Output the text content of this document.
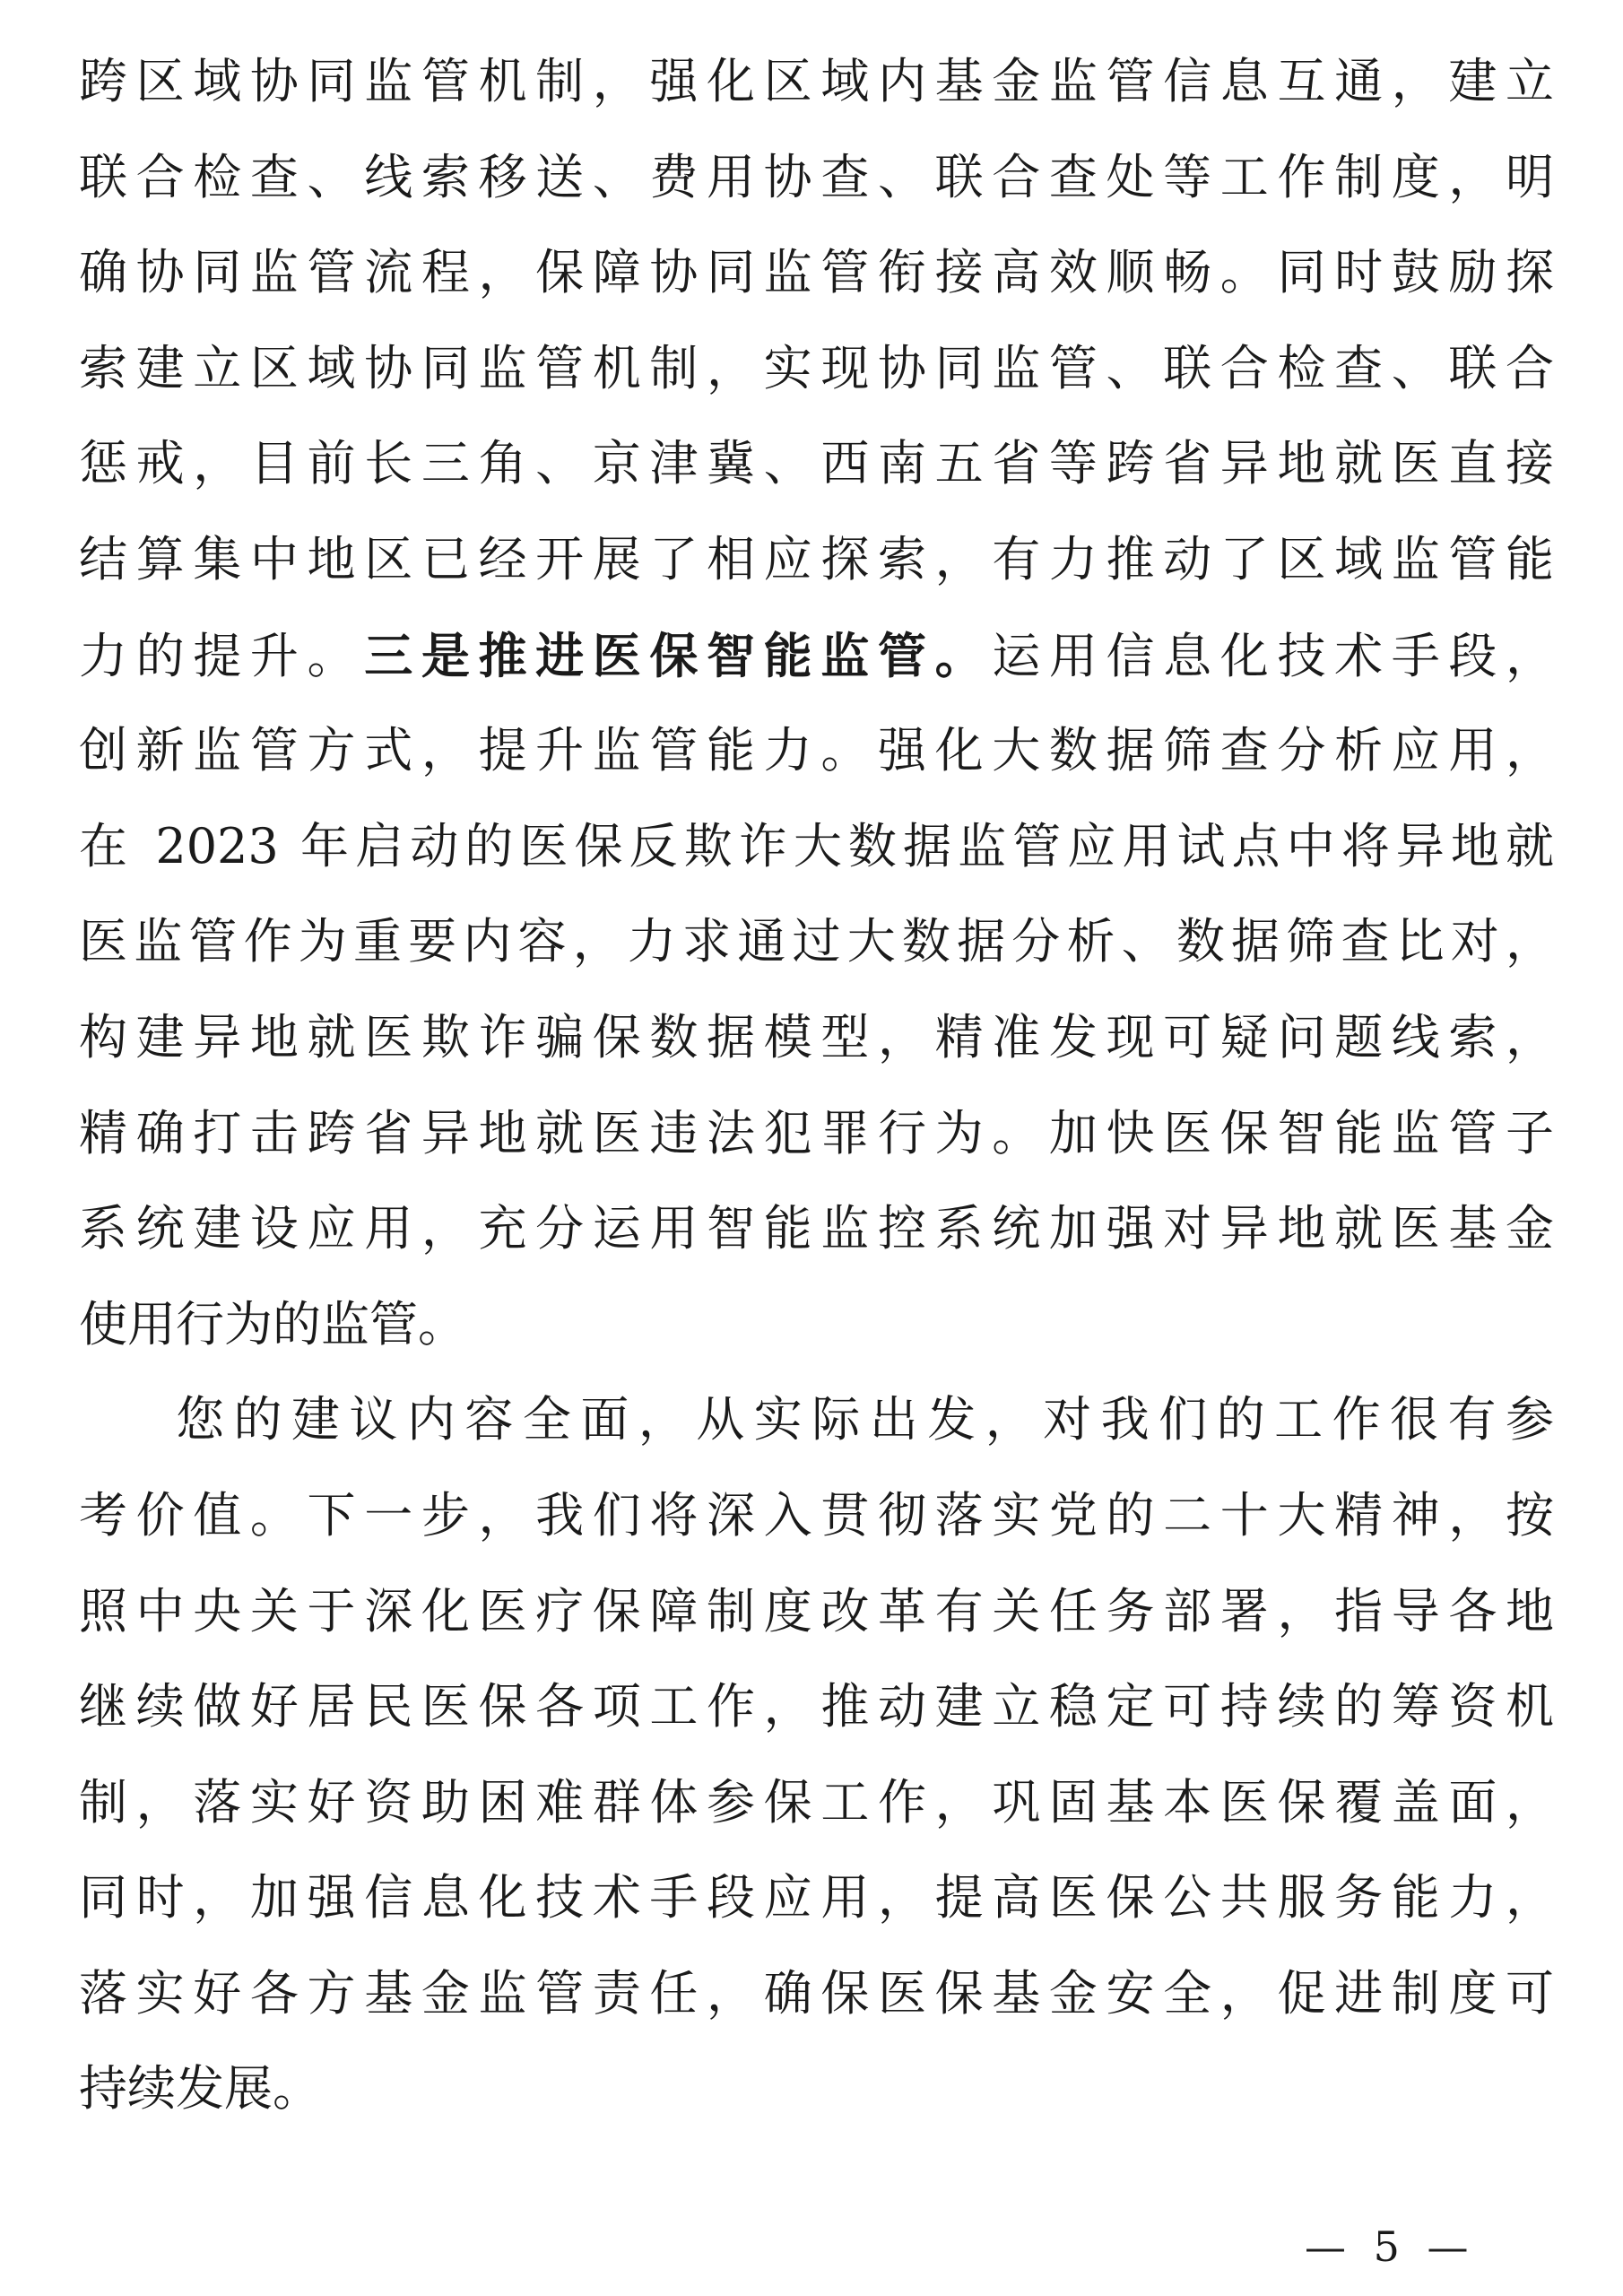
跨区域协同监管机制，强化区域内基金监管信息互通，建立
联合检查、线索移送、费用协查、联合查处等工作制度，明
确协同监管流程，保障协同监管衔接高效顺畅。同时鼓励探
索建立区域协同监管机制，实现协同监管、联合检查、联合
惩戒，目前长三角、京津冀、西南五省等跨省异地就医直接
结算集中地区已经开展了相应探索，有力推动了区域监管能
力的提升。三是推进医保智能监管。运用信息化技术手段，
创新监管方式，提升监管能力。强化大数据筛查分析应用，
在 2023 年启动的医保反欺诈大数据监管应用试点中将异地就
医监管作为重要内容，力求通过大数据分析、数据筛查比对，
构建异地就医欺诈骗保数据模型，精准发现可疑问题线索，
精确打击跨省异地就医违法犯罪行为。加快医保智能监管子
系统建设应用，充分运用智能监控系统加强对异地就医基金
使用行为的监管。
您的建议内容全面，从实际出发，对我们的工作很有参
考价值。下一步，我们将深入贯彻落实党的二十大精神，按
照中央关于深化医疗保障制度改革有关任务部署，指导各地
继续做好居民医保各项工作，推动建立稳定可持续的筹资机
制，落实好资助困难群体参保工作，巩固基本医保覆盖面，
同时，加强信息化技术手段应用，提高医保公共服务能力，
落实好各方基金监管责任，确保医保基金安全，促进制度可
持续发展。
— 5 —
